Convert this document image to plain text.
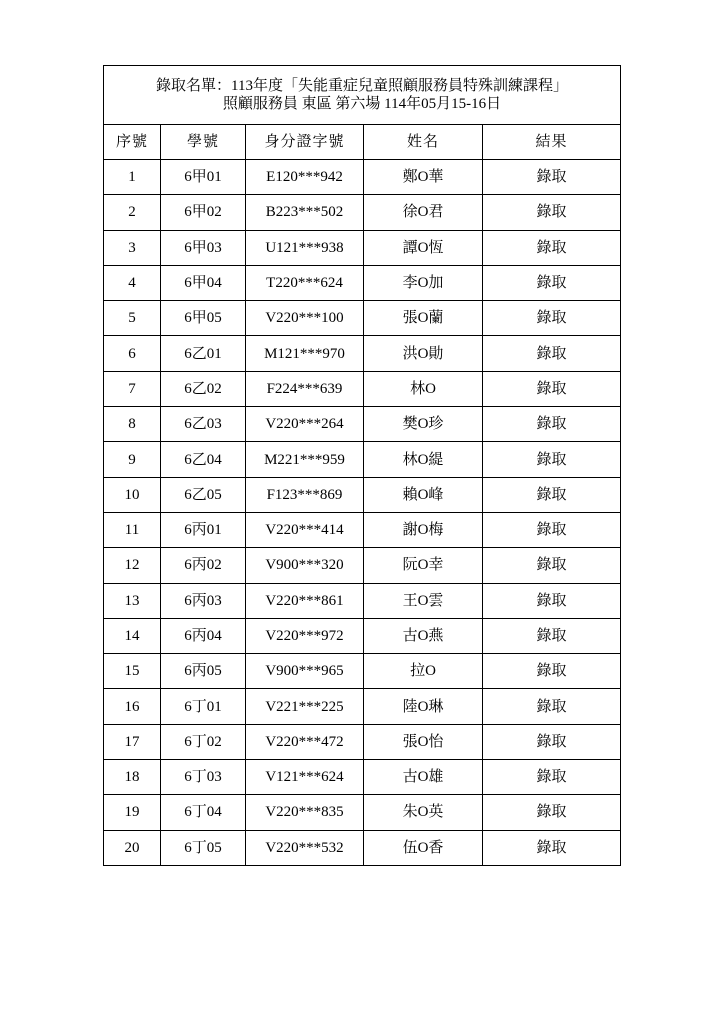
錄取名單：113年度「失能重症兒童照顧服務員特殊訓練課程」
照顧服務員 東區 第六場 114年05月15-16日				

序號	學號	身分證字號	姓名	結果
1	6甲01	E120***942	鄭O華	錄取
2	6甲02	B223***502	徐O君	錄取
3	6甲03	U121***938	譚O恆	錄取
4	6甲04	T220***624	李O加	錄取
5	6甲05	V220***100	張O蘭	錄取
6	6乙01	M121***970	洪O勛	錄取
7	6乙02	F224***639	林O	錄取
8	6乙03	V220***264	樊O珍	錄取
9	6乙04	M221***959	林O緹	錄取
10	6乙05	F123***869	賴O峰	錄取
11	6丙01	V220***414	謝O梅	錄取
12	6丙02	V900***320	阮O幸	錄取
13	6丙03	V220***861	王O雲	錄取
14	6丙04	V220***972	古O燕	錄取
15	6丙05	V900***965	拉O	錄取
16	6丁01	V221***225	陸O琳	錄取
17	6丁02	V220***472	張O怡	錄取
18	6丁03	V121***624	古O雄	錄取
19	6丁04	V220***835	朱O英	錄取
20	6丁05	V220***532	伍O香	錄取
